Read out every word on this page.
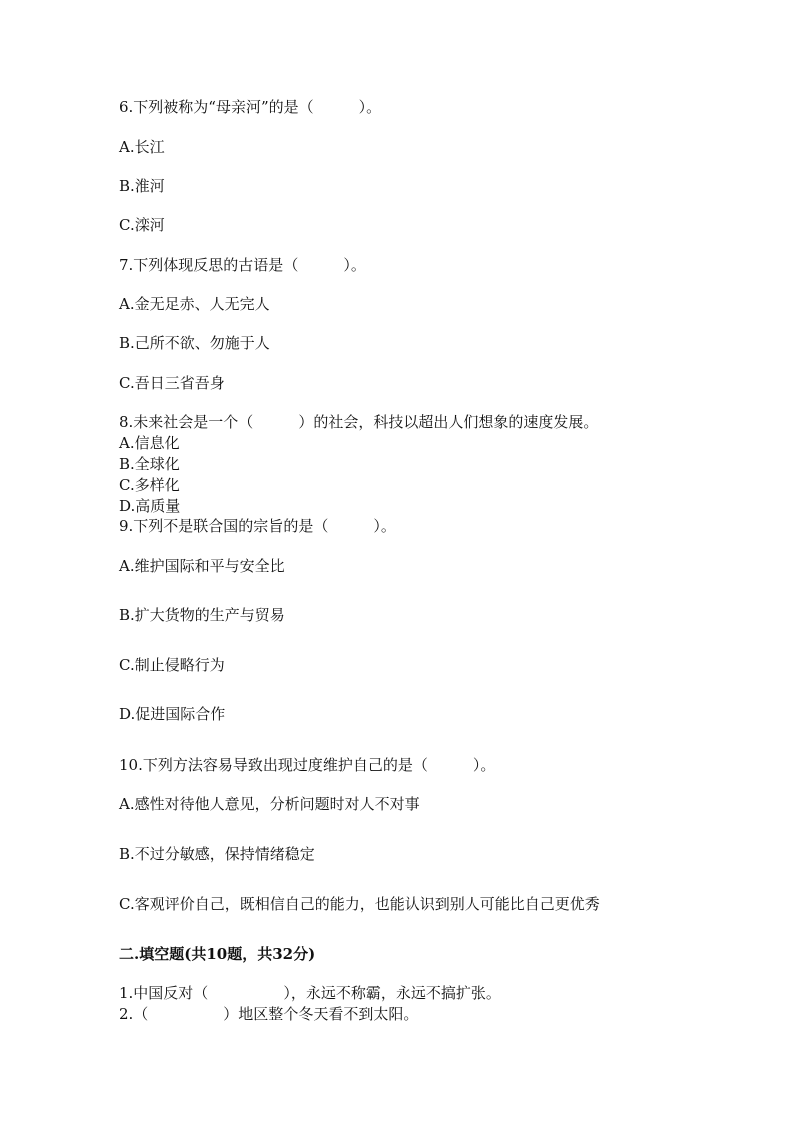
6.下列被称为“母亲河”的是（　　　）。
A.长江
B.淮河
C.滦河
7.下列体现反思的古语是（　　　）。
A.金无足赤、人无完人
B.己所不欲、勿施于人
C.吾日三省吾身
8.未来社会是一个（　　　）的社会，科技以超出人们想象的速度发展。
A.信息化
B.全球化
C.多样化
D.高质量
9.下列不是联合国的宗旨的是（　　　）。
A.维护国际和平与安全比
B.扩大货物的生产与贸易
C.制止侵略行为
D.促进国际合作
10.下列方法容易导致出现过度维护自己的是（　　　）。
A.感性对待他人意见，分析问题时对人不对事
B.不过分敏感，保持情绪稳定
C.客观评价自己，既相信自己的能力，也能认识到别人可能比自己更优秀
二.填空题(共10题，共32分)
1.中国反对（　　　　　），永远不称霸，永远不搞扩张。
2.（　　　　　）地区整个冬天看不到太阳。
